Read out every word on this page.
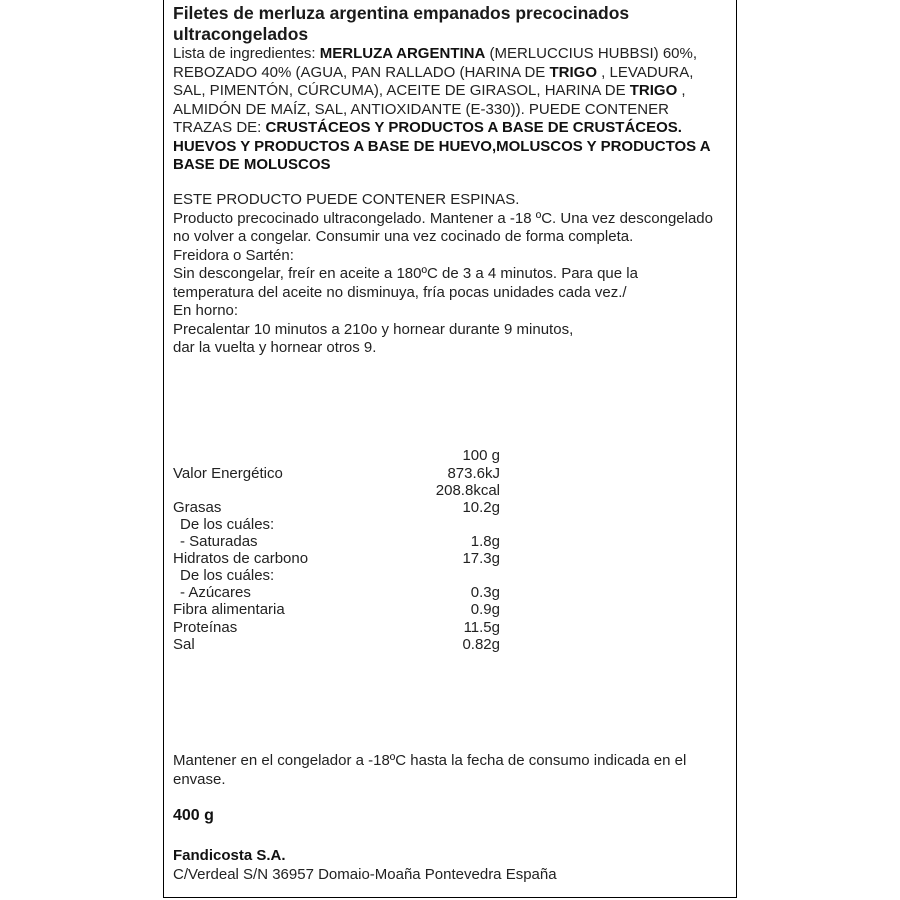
Filetes de merluza argentina empanados precocinados
ultracongelados
Lista de ingredientes: MERLUZA ARGENTINA (MERLUCCIUS HUBBSI) 60%,
REBOZADO 40% (AGUA, PAN RALLADO (HARINA DE TRIGO , LEVADURA,
SAL, PIMENTÓN, CÚRCUMA), ACEITE DE GIRASOL, HARINA DE TRIGO ,
ALMIDÓN DE MAÍZ, SAL, ANTIOXIDANTE (E-330)). PUEDE CONTENER
TRAZAS DE: CRUSTÁCEOS Y PRODUCTOS A BASE DE CRUSTÁCEOS.
HUEVOS Y PRODUCTOS A BASE DE HUEVO,MOLUSCOS Y PRODUCTOS A
BASE DE MOLUSCOS
ESTE PRODUCTO PUEDE CONTENER ESPINAS.
Producto precocinado ultracongelado. Mantener a -18 ºC. Una vez descongelado
no volver a congelar. Consumir una vez cocinado de forma completa.
Freidora o Sartén:
Sin descongelar, freír en aceite a 180ºC de 3 a 4 minutos. Para que la
temperatura del aceite no disminuya, fría pocas unidades cada vez./
En horno:
Precalentar 10 minutos a 210o y hornear durante 9 minutos,
dar la vuelta y hornear otros 9.
100 g
Valor Energético	873.6kJ
208.8kcal
Grasas	10.2g
De los cuáles:
- Saturadas	1.8g
Hidratos de carbono	17.3g
De los cuáles:
- Azúcares	0.3g
Fibra alimentaria	0.9g
Proteínas	11.5g
Sal	0.82g
Mantener en el congelador a -18ºC hasta la fecha de consumo indicada en el
envase.
400 g
Fandicosta S.A.
C/Verdeal S/N 36957 Domaio-Moaña Pontevedra España
